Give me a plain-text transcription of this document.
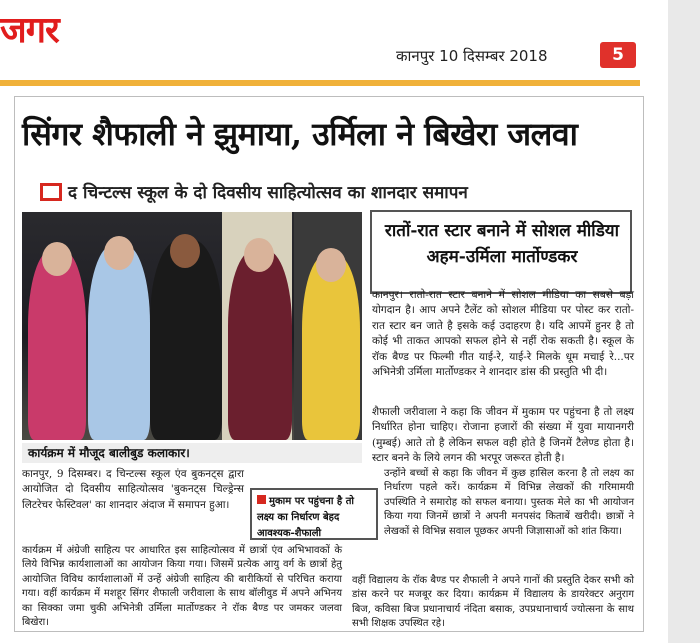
जगर
कानपुर 10 दिसम्बर 2018	5
सिंगर शैफाली ने झुमाया, उर्मिला ने बिखेरा जलवा
द चिन्टल्स स्कूल के दो दिवसीय साहित्योत्सव का शानदार समापन
कार्यक्रम में मौजूद बालीबुड कलाकार।
रातों-रात स्टार बनाने में सोशल मीडिया अहम-उर्मिला मार्तोण्डकर
कानपुर। रातो-रात स्टार बनाने में सोशल मीडिया का सबसे बड़ा योगदान है। आप अपने टैलेंट को सोशल मीडिया पर पोस्ट कर रातो-रात स्टार बन जाते है इसके कई उदाहरण है। यदि आपमें हुनर है तो कोई भी ताकत आपको सफल होने से नहीं रोक सकती है। स्कूल के रॉक बैण्ड पर फिल्मी गीत याई-रे, याई-रे मिलके धूम मचाई रे...पर अभिनेत्री उर्मिला मार्तोण्डकर ने शानदार डांस की प्रस्तुति भी दी।
शैफाली जरीवाला ने कहा कि जीवन में मुकाम पर पहुंचना है तो लक्ष्य निर्धारित होना चाहिए। रोजाना हजारों की संख्या में युवा मायानगरी (मुम्बई) आते तो है लेकिन सफल वही होते है जिनमें टैलेण्ड होता है। स्टार बनने के लिये लगन की भरपूर जरूरत होती है।
कानपुर, 9 दिसम्बर। द चिन्टल्स स्कूल एंव बुकनट्स द्वारा आयोजित दो दिवसीय साहित्योत्सव 'बुकनट्स चिल्ड्रेन्स लिटरेचर फेस्टिवल' का शानदार अंदाज में समापन हुआ।
कार्यक्रम में अंग्रेजी साहित्य पर आधारित इस साहित्योत्सव में छात्रों एंव अभिभावकों के लिये विभिन्न कार्यशालाओं का आयोजन किया गया। जिसमें प्रत्येक आयु वर्ग के छात्रों हेतु आयोजित विविध कार्यशालाओं में उन्हें अंग्रेजी साहित्य की बारीकियों से परिचित कराया गया। वहीं कार्यक्रम में मशहूर सिंगर शैफाली जरीवाला के साथ बॉलीवुड में अपने अभिनय का सिक्का जमा चुकी अभिनेत्री उर्मिला मार्तोण्डकर ने रॉक बैण्ड पर जमकर जलवा बिखेरा।
उन्होंने बच्चों से कहा कि जीवन में कुछ हासिल करना है तो लक्ष्य का निर्धारण पहले करें। कार्यक्रम में विभिन्न लेखकों की गरिमामयी उपस्थिति ने समारोह को सफल बनाया। पुस्तक मेले का भी आयोजन किया गया जिनमें छात्रों ने अपनी मनपसंद किताबें खरीदी। छात्रों ने लेखकों से विभिन्न सवाल पूछकर अपनी जिज्ञासाओं को शांत किया।
वहीं विद्यालय के रॉक बैण्ड पर शैफाली ने अपने गानों की प्रस्तुति देकर सभी को डांस करने पर मजबूर कर दिया। कार्यक्रम में विद्यालय के डायरेक्टर अनुराग बिज, कविसा बिज प्रधानाचार्य नंदिता बसाक, उपप्रधानाचार्य ज्योत्सना के साथ सभी शिक्षक उपस्थित रहे।
मुकाम पर पहुंचना है तो लक्ष्य का निर्धारण बेहद आवश्यक-शैफाली
